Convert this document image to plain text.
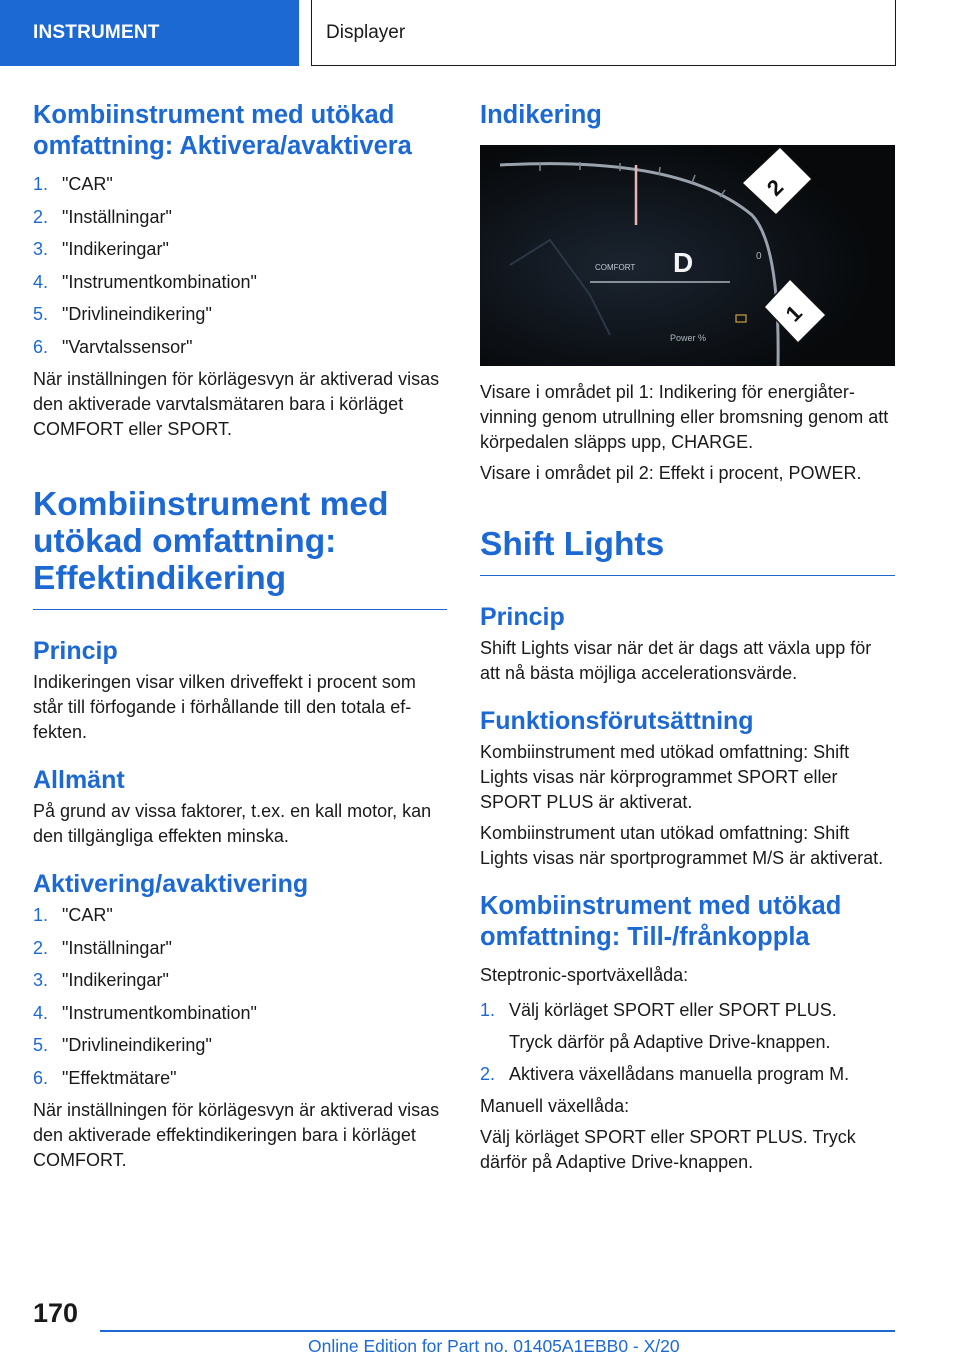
INSTRUMENT	Displayer
Kombiinstrument med utökad omfattning: Aktivera/avaktivera
1. "CAR"
2. "Inställningar"
3. "Indikeringar"
4. "Instrumentkombination"
5. "Drivlineindikering"
6. "Varvtalssensor"

När inställningen för körlägesvyn är aktiverad visas den aktiverade varvtalsmätaren bara i körläget COMFORT eller SPORT.

Kombiinstrument med utökad omfattning: Effektindikering
Princip

Indikeringen visar vilken driveffekt i procent som står till förfogande i förhållande till den totala effekten.

Allmänt

På grund av vissa faktorer, t.ex. en kall motor, kan den tillgängliga effekten minska.

Aktivering/avaktivering
1. "CAR"
2. "Inställningar"
3. "Indikeringar"
4. "Instrumentkombination"
5. "Drivlineindikering"
6. "Effektmätare"

När inställningen för körlägesvyn är aktiverad visas den aktiverade effektindikeringen bara i körläget COMFORT.

Indikering
COMFORT D	0
Power %
2
1

Visare i området pil 1: Indikering för energiåtervinning genom utrullning eller bromsning genom att körpedalen släpps upp, CHARGE.

Visare i området pil 2: Effekt i procent, POWER.

Shift Lights
Princip

Shift Lights visar när det är dags att växla upp för att nå bästa möjliga accelerationsvärde.

Funktionsförutsättning

Kombiinstrument med utökad omfattning: Shift Lights visas när körprogrammet SPORT eller SPORT PLUS är aktiverat.

Kombiinstrument utan utökad omfattning: Shift Lights visas när sportprogrammet M/S är aktiverat.

Kombiinstrument med utökad omfattning: Till-/frånkoppla

Steptronic-sportväxellåda:

1. Välj körläget SPORT eller SPORT PLUS.
Tryck därför på Adaptive Drive-knappen.
2. Aktivera växellådans manuella program M.

Manuell växellåda:

Välj körläget SPORT eller SPORT PLUS. Tryck därför på Adaptive Drive-knappen.

170
Online Edition for Part no. 01405A1EBB0 - X/20
